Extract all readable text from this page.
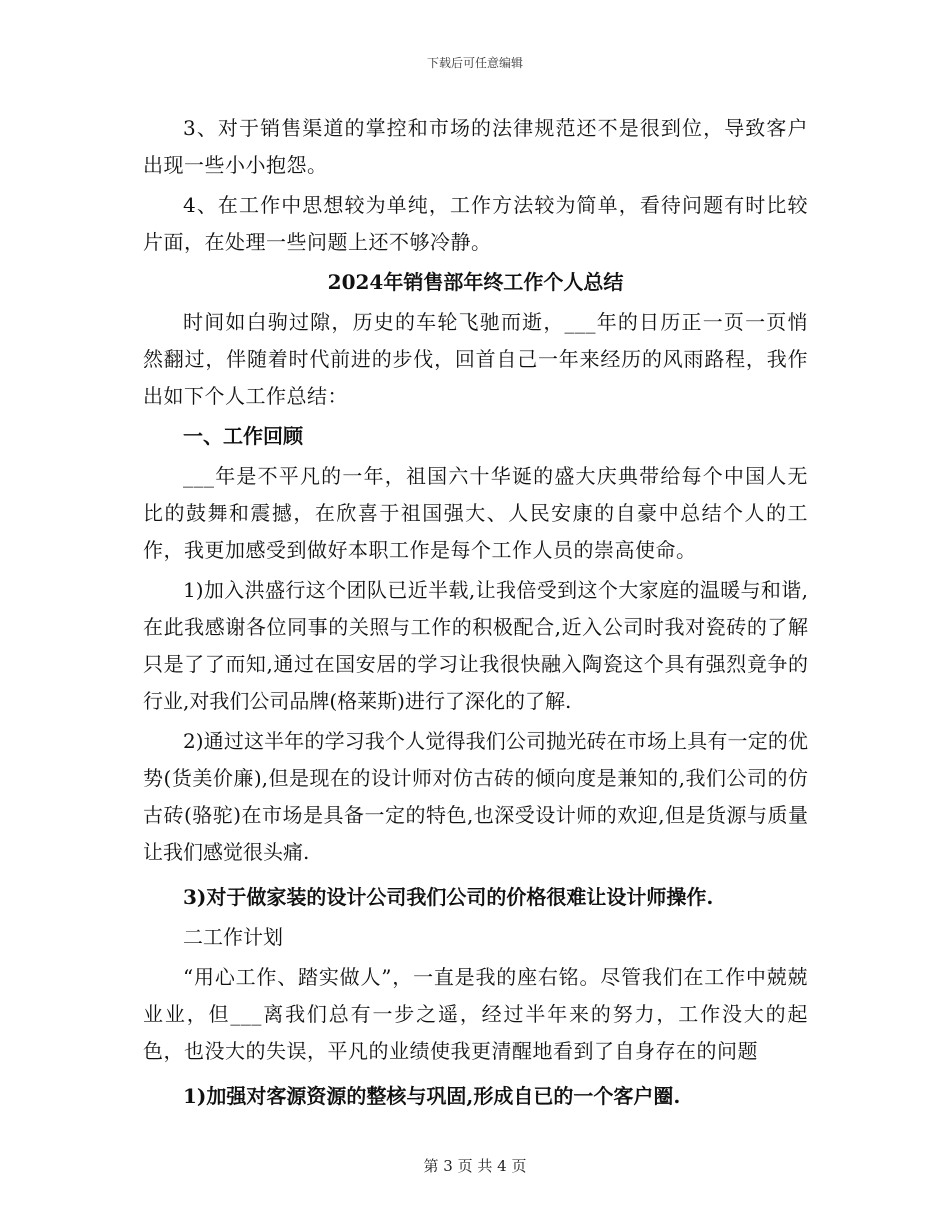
下载后可任意编辑

3、对于销售渠道的掌控和市场的法律规范还不是很到位，导致客户出现一些小小抱怨。

4、在工作中思想较为单纯，工作方法较为简单，看待问题有时比较片面，在处理一些问题上还不够冷静。

2024年销售部年终工作个人总结

时间如白驹过隙，历史的车轮飞驰而逝，___年的日历正一页一页悄然翻过，伴随着时代前进的步伐，回首自己一年来经历的风雨路程，我作出如下个人工作总结：

一、工作回顾

___年是不平凡的一年，祖国六十华诞的盛大庆典带给每个中国人无比的鼓舞和震撼，在欣喜于祖国强大、人民安康的自豪中总结个人的工作，我更加感受到做好本职工作是每个工作人员的崇高使命。

1)加入洪盛行这个团队已近半载,让我倍受到这个大家庭的温暖与和谐,在此我感谢各位同事的关照与工作的积极配合,近入公司时我对瓷砖的了解只是了了而知,通过在国安居的学习让我很快融入陶瓷这个具有强烈竟争的行业,对我们公司品牌(格莱斯)进行了深化的了解.

2)通过这半年的学习我个人觉得我们公司抛光砖在市场上具有一定的优势(货美价廉),但是现在的设计师对仿古砖的倾向度是兼知的,我们公司的仿古砖(骆驼)在市场是具备一定的特色,也深受设计师的欢迎,但是货源与质量让我们感觉很头痛.

3)对于做家装的设计公司我们公司的价格很难让设计师操作.

二工作计划

“用心工作、踏实做人”，一直是我的座右铭。尽管我们在工作中兢兢业业，但___离我们总有一步之遥，经过半年来的努力，工作没大的起色，也没大的失误，平凡的业绩使我更清醒地看到了自身存在的问题

1)加强对客源资源的整核与巩固,形成自已的一个客户圈.

第 3 页 共 4 页
